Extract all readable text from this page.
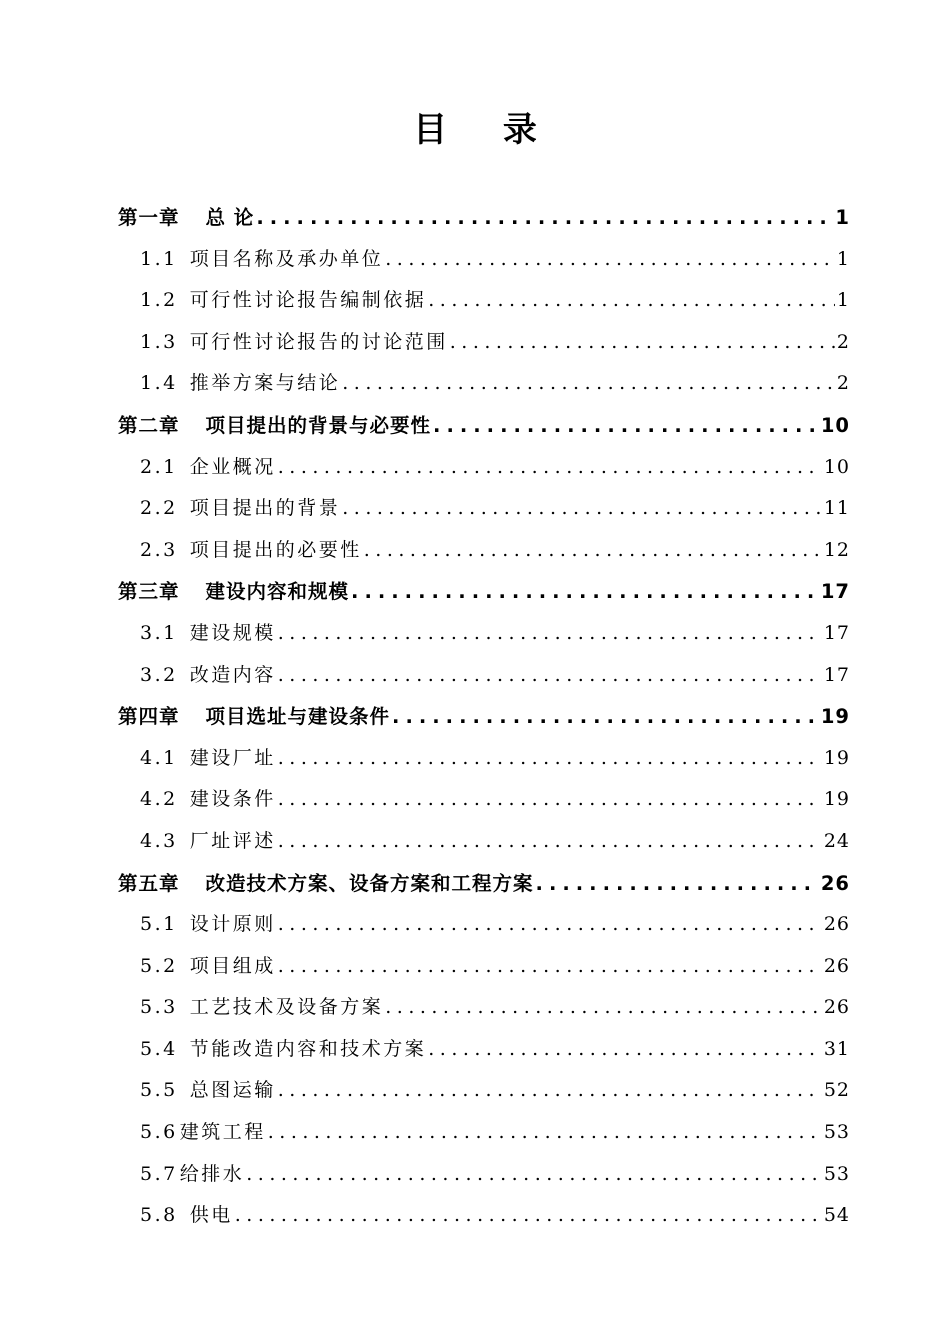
目 录
第一章 总 论 .....	1
1.1 项目名称及承办单位 .....	1
1.2 可行性讨论报告编制依据 .....	1
1.3 可行性讨论报告的讨论范围 .....	2
1.4 推举方案与结论 .....	2
第二章 项目提出的背景与必要性 .....	10
2.1 企业概况 .....	10
2.2 项目提出的背景 .....	11
2.3 项目提出的必要性 .....	12
第三章 建设内容和规模 .....	17
3.1 建设规模 .....	17
3.2 改造内容 .....	17
第四章 项目选址与建设条件 .....	19
4.1 建设厂址 .....	19
4.2 建设条件 .....	19
4.3 厂址评述 .....	24
第五章 改造技术方案、设备方案和工程方案 .....	26
5.1 设计原则 .....	26
5.2 项目组成 .....	26
5.3 工艺技术及设备方案 .....	26
5.4 节能改造内容和技术方案 .....	31
5.5 总图运输 .....	52
5.6 建筑工程 .....	53
5.7 给排水 .....	53
5.8 供电 .....	54
